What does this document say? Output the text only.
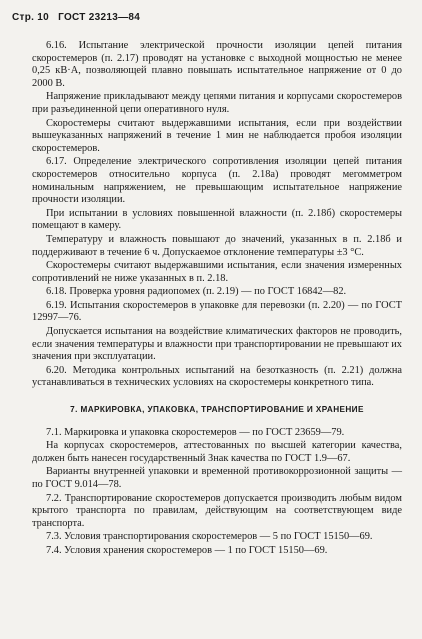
Стр. 10 ГОСТ 23213—84

6.16. Испытание электрической прочности изоляции цепей питания скоростемеров (п. 2.17) проводят на установке с выходной мощностью не менее 0,25 кВ·А, позволяющей плавно повышать испытательное напряжение от 0 до 2000 В.

Напряжение прикладывают между цепями питания и корпусами скоростемеров при разъединенной цепи оперативного нуля.

Скоростемеры считают выдержавшими испытания, если при воздействии вышеуказанных напряжений в течение 1 мин не наблюдается пробоя изоляции скоростемеров.

6.17. Определение электрического сопротивления изоляции цепей питания скоростемеров относительно корпуса (п. 2.18а) проводят мегомметром номинальным напряжением, не превышающим испытательное напряжение прочности изоляции.

При испытании в условиях повышенной влажности (п. 2.18б) скоростемеры помещают в камеру.

Температуру и влажность повышают до значений, указанных в п. 2.18б и поддерживают в течение 6 ч. Допускаемое отклонение температуры ±3 °С.

Скоростемеры считают выдержавшими испытания, если значения измеренных сопротивлений не ниже указанных в п. 2.18.

6.18. Проверка уровня радиопомех (п. 2.19) — по ГОСТ 16842—82.

6.19. Испытания скоростемеров в упаковке для перевозки (п. 2.20) — по ГОСТ 12997—76.

Допускается испытания на воздействие климатических факторов не проводить, если значения температуры и влажности при транспортировании не превышают их значения при эксплуатации.

6.20. Методика контрольных испытаний на безотказность (п. 2.21) должна устанавливаться в технических условиях на скоростемеры конкретного типа.

7. МАРКИРОВКА, УПАКОВКА, ТРАНСПОРТИРОВАНИЕ И ХРАНЕНИЕ

7.1. Маркировка и упаковка скоростемеров — по ГОСТ 23659—79.

На корпусах скоростемеров, аттестованных по высшей категории качества, должен быть нанесен государственный Знак качества по ГОСТ 1.9—67.

Варианты внутренней упаковки и временной противокоррозионной защиты — по ГОСТ 9.014—78.

7.2. Транспортирование скоростемеров допускается производить любым видом крытого транспорта по правилам, действующим на соответствующем виде транспорта.

7.3. Условия транспортирования скоростемеров — 5 по ГОСТ 15150—69.

7.4. Условия хранения скоростемеров — 1 по ГОСТ 15150—69.
